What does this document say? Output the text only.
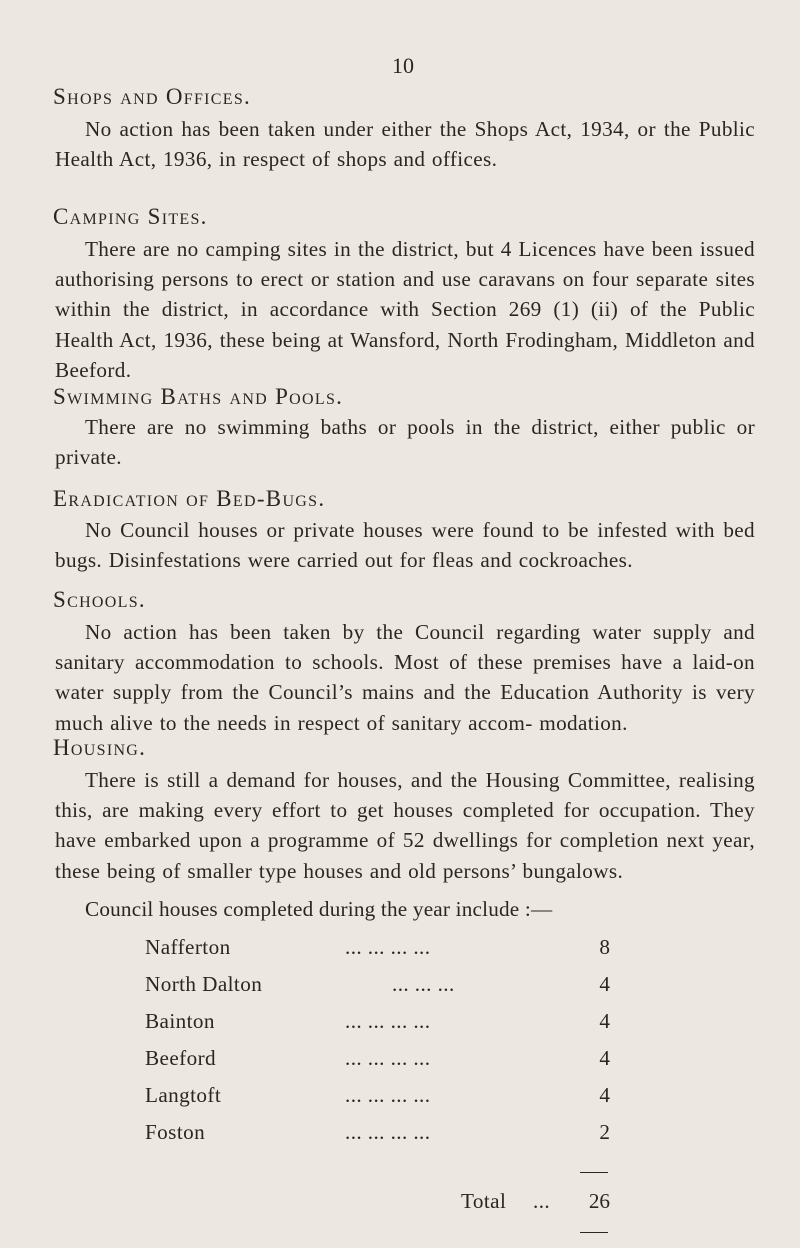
10
Shops and Offices.
No action has been taken under either the Shops Act, 1934, or the Public Health Act, 1936, in respect of shops and offices.
Camping Sites.
There are no camping sites in the district, but 4 Licences have been issued authorising persons to erect or station and use caravans on four separate sites within the district, in accordance with Section 269 (1) (ii) of the Public Health Act, 1936, these being at Wansford, North Frodingham, Middleton and Beeford.
Swimming Baths and Pools.
There are no swimming baths or pools in the district, either public or private.
Eradication of Bed-Bugs.
No Council houses or private houses were found to be infested with bed bugs. Disinfestations were carried out for fleas and cockroaches.
Schools.
No action has been taken by the Council regarding water supply and sanitary accommodation to schools. Most of these premises have a laid-on water supply from the Council’s mains and the Education Authority is very much alive to the needs in respect of sanitary accom- modation.
Housing.
There is still a demand for houses, and the Housing Committee, realising this, are making every effort to get houses completed for occupation. They have embarked upon a programme of 52 dwellings for completion next year, these being of smaller type houses and old persons’ bungalows.
Council houses completed during the year include :—
Nafferton	... ... ... ...	8
North Dalton	... ... ...	4
Bainton	... ... ... ...	4
Beeford	... ... ... ...	4
Langtoft	... ... ... ...	4
Foston	... ... ... ...	2
Total ...	26
